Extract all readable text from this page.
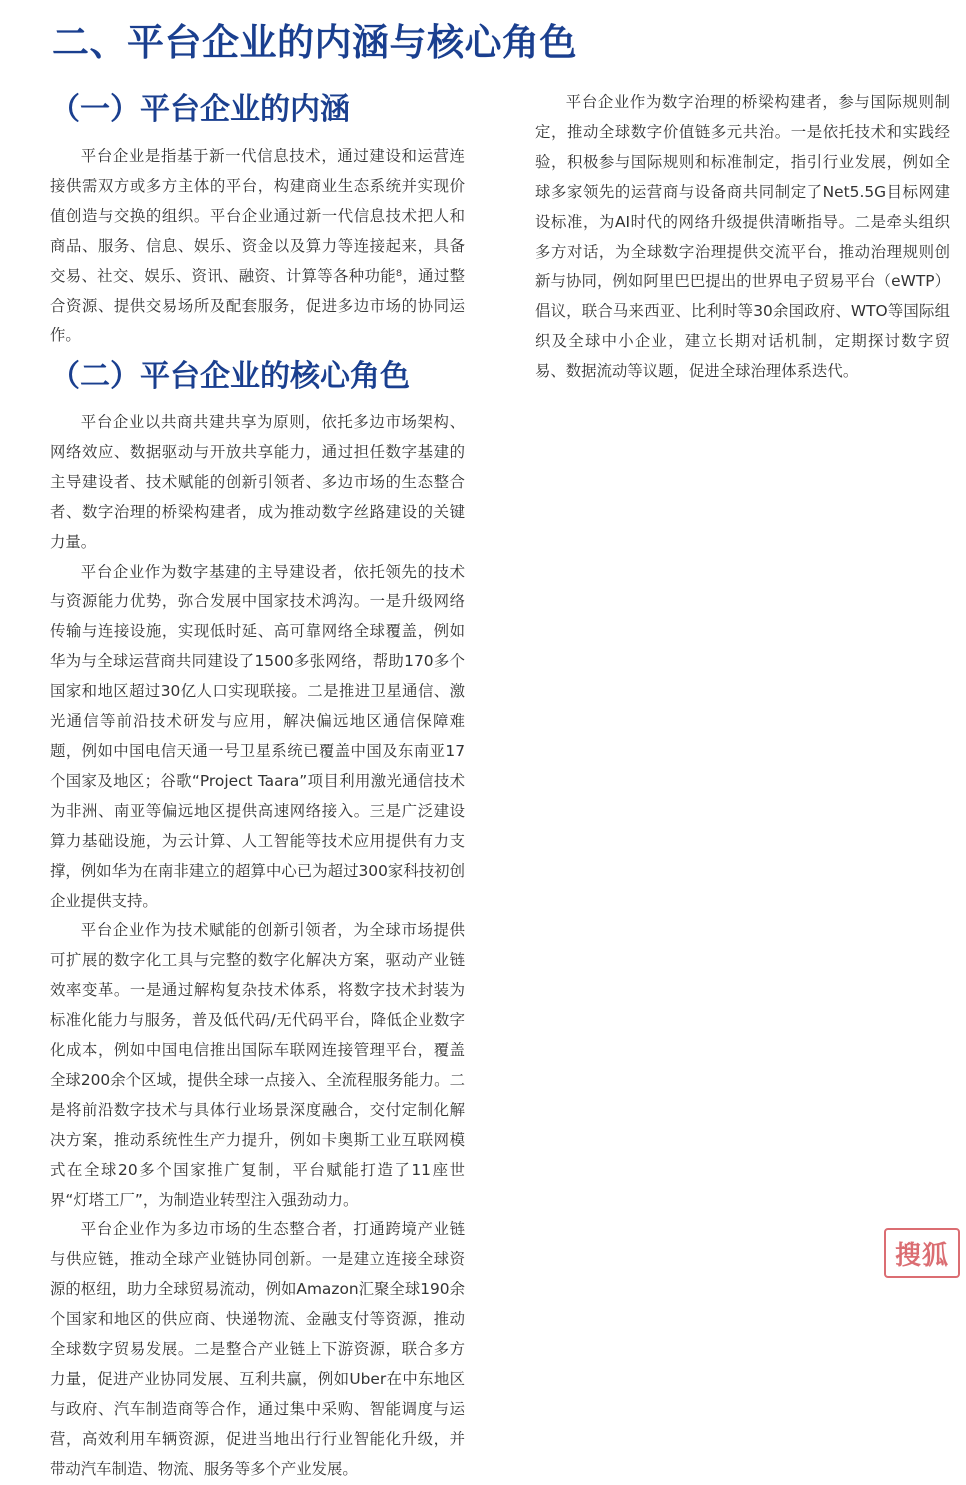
二、平台企业的内涵与核心角色
（一）平台企业的内涵

平台企业是指基于新一代信息技术，通过建设和运营连接供需双方或多方主体的平台，构建商业生态系统并实现价值创造与交换的组织。平台企业通过新一代信息技术把人和商品、服务、信息、娱乐、资金以及算力等连接起来，具备交易、社交、娱乐、资讯、融资、计算等各种功能⁸，通过整合资源、提供交易场所及配套服务，促进多边市场的协同运作。

（二）平台企业的核心角色

平台企业以共商共建共享为原则，依托多边市场架构、网络效应、数据驱动与开放共享能力，通过担任数字基建的主导建设者、技术赋能的创新引领者、多边市场的生态整合者、数字治理的桥梁构建者，成为推动数字丝路建设的关键力量。

平台企业作为数字基建的主导建设者，依托领先的技术与资源能力优势，弥合发展中国家技术鸿沟。一是升级网络传输与连接设施，实现低时延、高可靠网络全球覆盖，例如华为与全球运营商共同建设了1500多张网络，帮助170多个国家和地区超过30亿人口实现联接。二是推进卫星通信、激光通信等前沿技术研发与应用，解决偏远地区通信保障难题，例如中国电信天通一号卫星系统已覆盖中国及东南亚17个国家及地区；谷歌“Project Taara”项目利用激光通信技术为非洲、南亚等偏远地区提供高速网络接入。三是广泛建设算力基础设施，为云计算、人工智能等技术应用提供有力支撑，例如华为在南非建立的超算中心已为超过300家科技初创企业提供支持。

平台企业作为技术赋能的创新引领者，为全球市场提供可扩展的数字化工具与完整的数字化解决方案，驱动产业链效率变革。一是通过解构复杂技术体系，将数字技术封装为标准化能力与服务，普及低代码/无代码平台，降低企业数字化成本，例如中国电信推出国际车联网连接管理平台，覆盖全球200余个区域，提供全球一点接入、全流程服务能力。二是将前沿数字技术与具体行业场景深度融合，交付定制化解决方案，推动系统性生产力提升，例如卡奥斯工业互联网模式在全球20多个国家推广复制，平台赋能打造了11座世界“灯塔工厂”，为制造业转型注入强劲动力。

平台企业作为多边市场的生态整合者，打通跨境产业链与供应链，推动全球产业链协同创新。一是建立连接全球资源的枢纽，助力全球贸易流动，例如Amazon汇聚全球190余个国家和地区的供应商、快递物流、金融支付等资源，推动全球数字贸易发展。二是整合产业链上下游资源，联合多方力量，促进产业协同发展、互利共赢，例如Uber在中东地区与政府、汽车制造商等合作，通过集中采购、智能调度与运营，高效利用车辆资源，促进当地出行行业智能化升级，并带动汽车制造、物流、服务等多个产业发展。

平台企业作为数字治理的桥梁构建者，参与国际规则制定，推动全球数字价值链多元共治。一是依托技术和实践经验，积极参与国际规则和标准制定，指引行业发展，例如全球多家领先的运营商与设备商共同制定了Net5.5G目标网建设标准，为AI时代的网络升级提供清晰指导。二是牵头组织多方对话，为全球数字治理提供交流平台，推动治理规则创新与协同，例如阿里巴巴提出的世界电子贸易平台（eWTP）倡议，联合马来西亚、比利时等30余国政府、WTO等国际组织及全球中小企业，建立长期对话机制，定期探讨数字贸易、数据流动等议题，促进全球治理体系迭代。

搜狐
